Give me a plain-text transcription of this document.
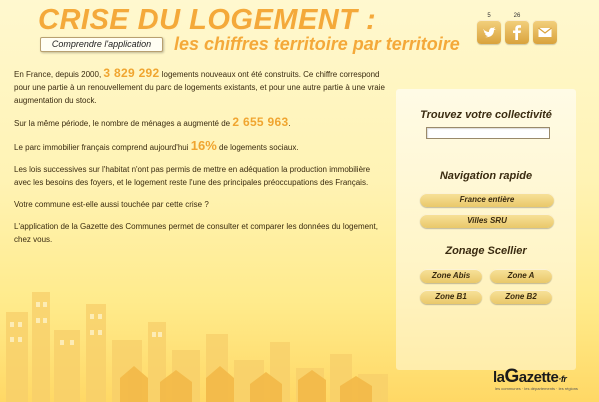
CRISE DU LOGEMENT :
Comprendre l'application	les chiffres territoire par territoire
5	26

En France, depuis 2000, 3 829 292 logements nouveaux ont été construits. Ce chiffre correspond pour une partie à un renouvellement du parc de logements existants, et pour une autre partie à une vraie augmentation du stock.

Sur la même période, le nombre de ménages a augmenté de 2 655 963.

Le parc immobilier français comprend aujourd'hui 16% de logements sociaux.

Les lois successives sur l'habitat n'ont pas permis de mettre en adéquation la production immobilière avec les besoins des foyers, et le logement reste l'une des principales préoccupations des Français.

Votre commune est-elle aussi touchée par cette crise ?

L'application de la Gazette des Communes permet de consulter et comparer les données du logement, chez vous.

Trouvez votre collectivité
Navigation rapide
France entière
Villes SRU
Zonage Scellier
Zone Abis	Zone A
Zone B1	Zone B2
laGazette·fr
les communes · les départements · les régions
